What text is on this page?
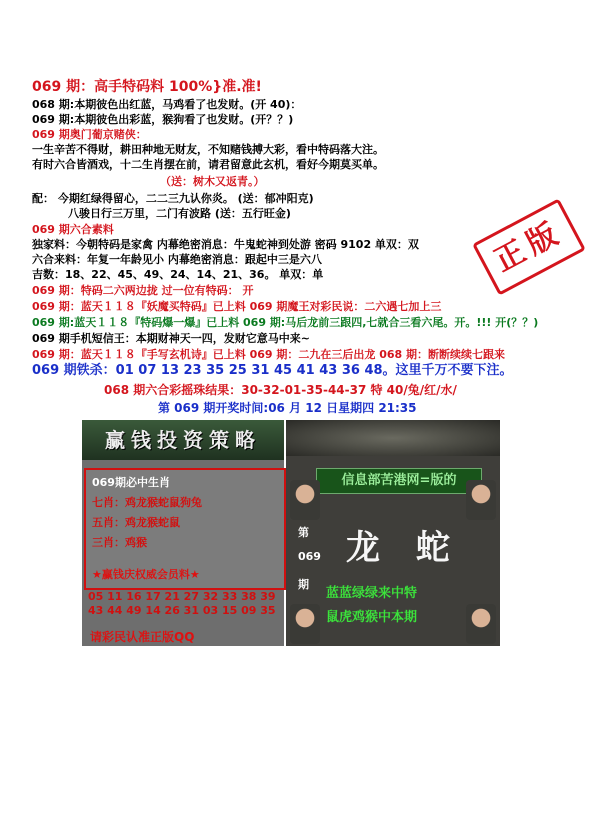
069 期：高手特码料 100%}准.准!
068 期:本期彼色出红蓝，马鸡看了也发财。(开 40)：
069 期:本期彼色出彩蓝，猴狗看了也发财。(开？？)
069 期奥门葡京赌侠：
一生辛苦不得财，耕田种地无财友，不知赌钱搏大彩，看中特码落大注。
有时六合皆酒戏，十二生肖摆在前，请君留意此玄机，看好今期莫买单。
（送：树木又返青。）
配： 今期红绿得留心，二二三九认你炎。 (送：郁冲阳克)
八骏日行三万里，二门有波路 (送：五行旺金)
069 期六合素料
独家料：今朝特码是家禽 内幕绝密消息：牛鬼蛇神到处游 密码 9102 单双：双
六合来料：年复一年龄见小 内幕绝密消息：跟起中三是六八
吉数：18、22、45、49、24、14、21、36。 单双：单
069 期：特码二六两边拢 过一位有特码： 开
069 期：蓝天１１８『妖魔买特码』已上料 069 期魔王对彩民说：二六遇七加上三
069 期:蓝天１１８『特码爆一爆』已上料 069 期:马后龙前三跟四,七就合三看六尾。开。!!! 开(？？)
069 期手机短信王：本期财神天一四，发财它意马中来~
069 期：蓝天１１８『手写玄机诗』已上料 069 期：二九在三后出龙 068 期：断断续续七跟来
069 期铁杀：01 07 13 23 35 25 31 45 41 43 36 48。这里千万不要下注。
068 期六合彩摇珠结果：30-32-01-35-44-37 特 40/兔/红/水/
第 069 期开奖时间:06 月 12 日星期四 21:35
正版
赢钱投资策略
069期必中生肖
七肖：鸡龙猴蛇鼠狗兔
五肖：鸡龙猴蛇鼠
三肖：鸡猴
★赢钱庆权威会员料★
05 11 16 17 21 27 32 33 38 39
43 44 49 14 26 31 03 15 09 35
请彩民认准正版QQ
信息部苦港网=版的
第
069
期
龙 蛇
蓝蓝绿绿来中特
鼠虎鸡猴中本期
